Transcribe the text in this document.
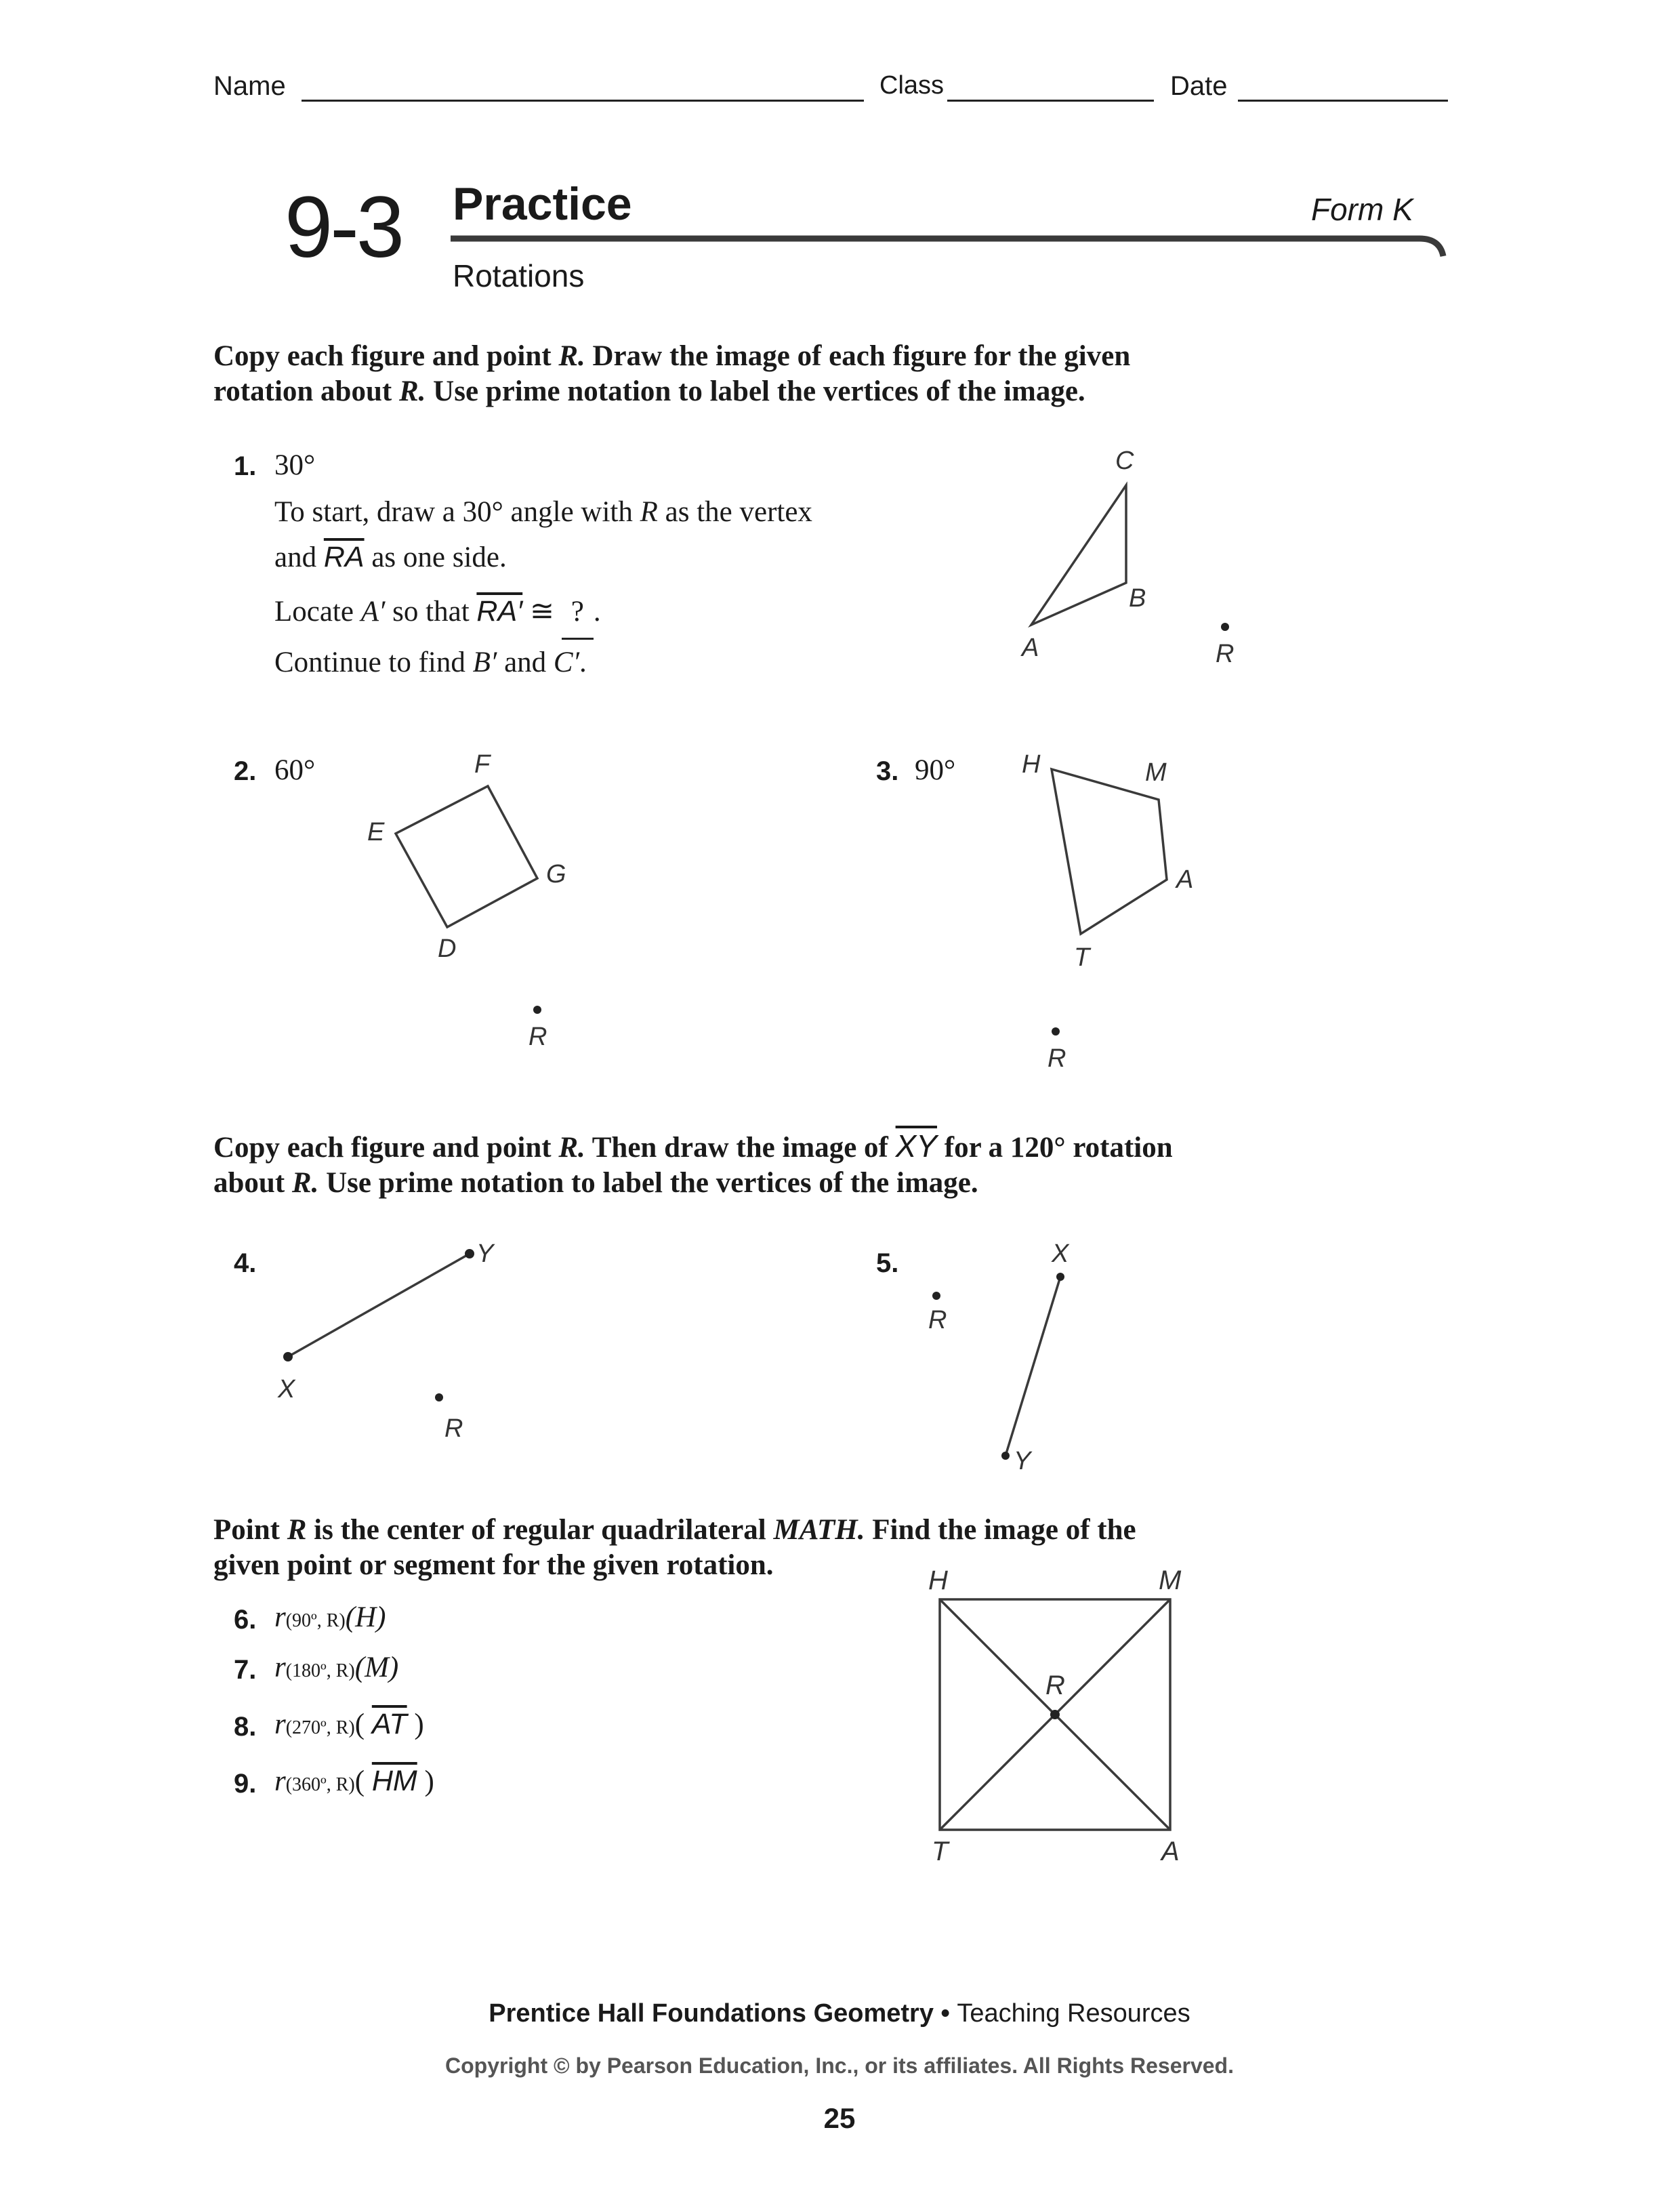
Name	Class	Date
9-3 Practice	Form K
Rotations
Copy each figure and point R. Draw the image of each figure for the given
rotation about R. Use prime notation to label the vertices of the image.
1. 30°
To start, draw a 30° angle with R as the vertex
and $\overline{RA}$ as one side.
Locate A′ so that RA′ ≅ ? .
Continue to find B′ and C′.
C
B
A	R
F
E
G
D
R
H	M
A
T
R
Y
X
R
X
Y
R
H	M
R
T	A
2. 60°	3. 90°
Copy each figure and point R. Then draw the image of $\overline{XY}$ for a 120° rotation
about R. Use prime notation to label the vertices of the image.
4.	5.
Point R is the center of regular quadrilateral MATH. Find the image of the
given point or segment for the given rotation.
6. r(90º, R)(H)
7. r(180º, R)(M)
8. r(270º, R)( $\overline{AT}$ )
9. r(360º, R)( $\overline{HM}$ )
Prentice Hall Foundations Geometry • Teaching Resources
Copyright © by Pearson Education, Inc., or its affiliates. All Rights Reserved.
25
